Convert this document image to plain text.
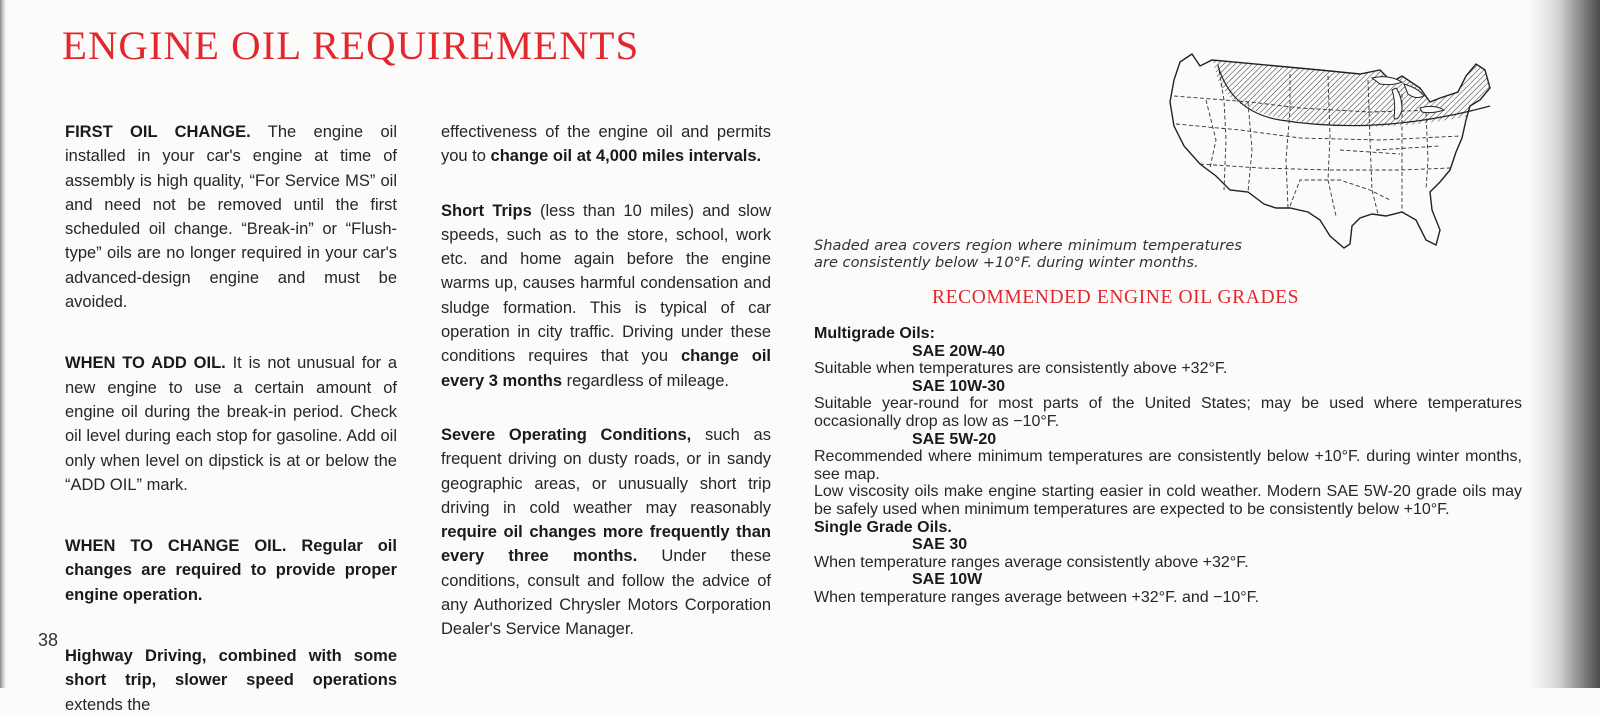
ENGINE OIL REQUIREMENTS

FIRST OIL CHANGE. The engine oil installed in your car's engine at time of assembly is high quality, “For Service MS” oil and need not be removed until the first scheduled oil change. “Break-in” or “Flush-type” oils are no longer required in your car's advanced-design engine and must be avoided.

WHEN TO ADD OIL. It is not unusual for a new engine to use a certain amount of engine oil during the break-in period. Check oil level during each stop for gasoline. Add oil only when level on dipstick is at or below the “ADD OIL” mark.

WHEN TO CHANGE OIL. Regular oil changes are required to provide proper engine operation.

Highway Driving, combined with some short trip, slower speed operations extends the

38

effectiveness of the engine oil and permits you to change oil at 4,000 miles intervals.

Short Trips (less than 10 miles) and slow speeds, such as to the store, school, work etc. and home again before the engine warms up, causes harmful condensation and sludge formation. This is typical of car operation in city traffic. Driving under these conditions requires that you change oil every 3 months regardless of mileage.

Severe Operating Conditions, such as frequent driving on dusty roads, or in sandy geographic areas, or unusually short trip driving in cold weather may reasonably require oil changes more frequently than every three months. Under these conditions, consult and follow the advice of any Authorized Chrysler Motors Corporation Dealer's Service Manager.

Shaded area covers region where minimum temperatures are consistently below +10°F. during winter months.

RECOMMENDED ENGINE OIL GRADES
Multigrade Oils:
SAE 20W-40
Suitable when temperatures are consistently above +32°F.
SAE 10W-30
Suitable year-round for most parts of the United States; may be used where temperatures occasionally drop as low as −10°F.
SAE 5W-20
Recommended where minimum temperatures are consistently below +10°F. during winter months, see map.
Low viscosity oils make engine starting easier in cold weather. Modern SAE 5W-20 grade oils may be safely used when minimum temperatures are expected to be consistently below +10°F.
Single Grade Oils.
SAE 30
When temperature ranges average consistently above +32°F.
SAE 10W
When temperature ranges average between +32°F. and −10°F.
